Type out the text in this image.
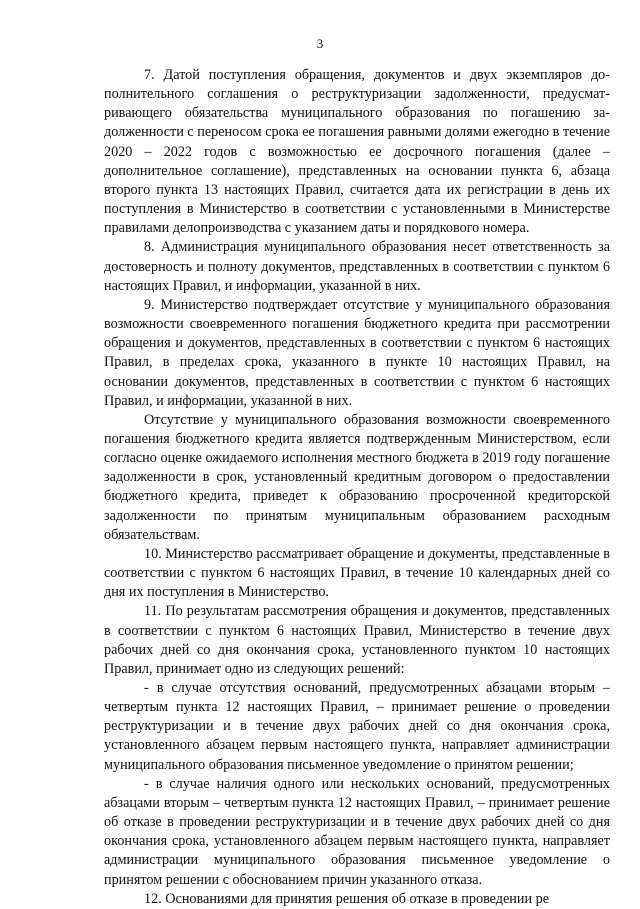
3

7. Датой поступления обращения, документов и двух экземпляров дополнительного соглашения о реструктуризации задолженности, предусматривающего обязательства муниципального образования по погашению задолженности с переносом срока ее погашения равными долями ежегодно в течение 2020 – 2022 годов с возможностью ее досрочного погашения (далее – дополнительное соглашение), представленных на основании пункта 6, абзаца второго пункта 13 настоящих Правил, считается дата их регистрации в день их поступления в Министерство в соответствии с установленными в Министерстве правилами делопроизводства с указанием даты и порядкового номера.

8. Администрация муниципального образования несет ответственность за достоверность и полноту документов, представленных в соответствии с пунктом 6 настоящих Правил, и информации, указанной в них.

9. Министерство подтверждает отсутствие у муниципального образования возможности своевременного погашения бюджетного кредита при рассмотрении обращения и документов, представленных в соответствии с пунктом 6 настоящих Правил, в пределах срока, указанного в пункте 10 настоящих Правил, на основании документов, представленных в соответствии с пунктом 6 настоящих Правил, и информации, указанной в них.

Отсутствие у муниципального образования возможности своевременного погашения бюджетного кредита является подтвержденным Министерством, если согласно оценке ожидаемого исполнения местного бюджета в 2019 году погашение задолженности в срок, установленный кредитным договором о предоставлении бюджетного кредита, приведет к образованию просроченной кредиторской задолженности по принятым муниципальным образованием расходным обязательствам.

10. Министерство рассматривает обращение и документы, представленные в соответствии с пунктом 6 настоящих Правил, в течение 10 календарных дней со дня их поступления в Министерство.

11. По результатам рассмотрения обращения и документов, представленных в соответствии с пунктом 6 настоящих Правил, Министерство в течение двух рабочих дней со дня окончания срока, установленного пунктом 10 настоящих Правил, принимает одно из следующих решений:

- в случае отсутствия оснований, предусмотренных абзацами вторым – четвертым пункта 12 настоящих Правил, – принимает решение о проведении реструктуризации и в течение двух рабочих дней со дня окончания срока, установленного абзацем первым настоящего пункта, направляет администрации муниципального образования письменное уведомление о принятом решении;

- в случае наличия одного или нескольких оснований, предусмотренных абзацами вторым – четвертым пункта 12 настоящих Правил, – принимает решение об отказе в проведении реструктуризации и в течение двух рабочих дней со дня окончания срока, установленного абзацем первым настоящего пункта, направляет администрации муниципального образования письменное уведомление о принятом решении с обоснованием причин указанного отказа.

12. Основаниями для принятия решения об отказе в проведении ре
